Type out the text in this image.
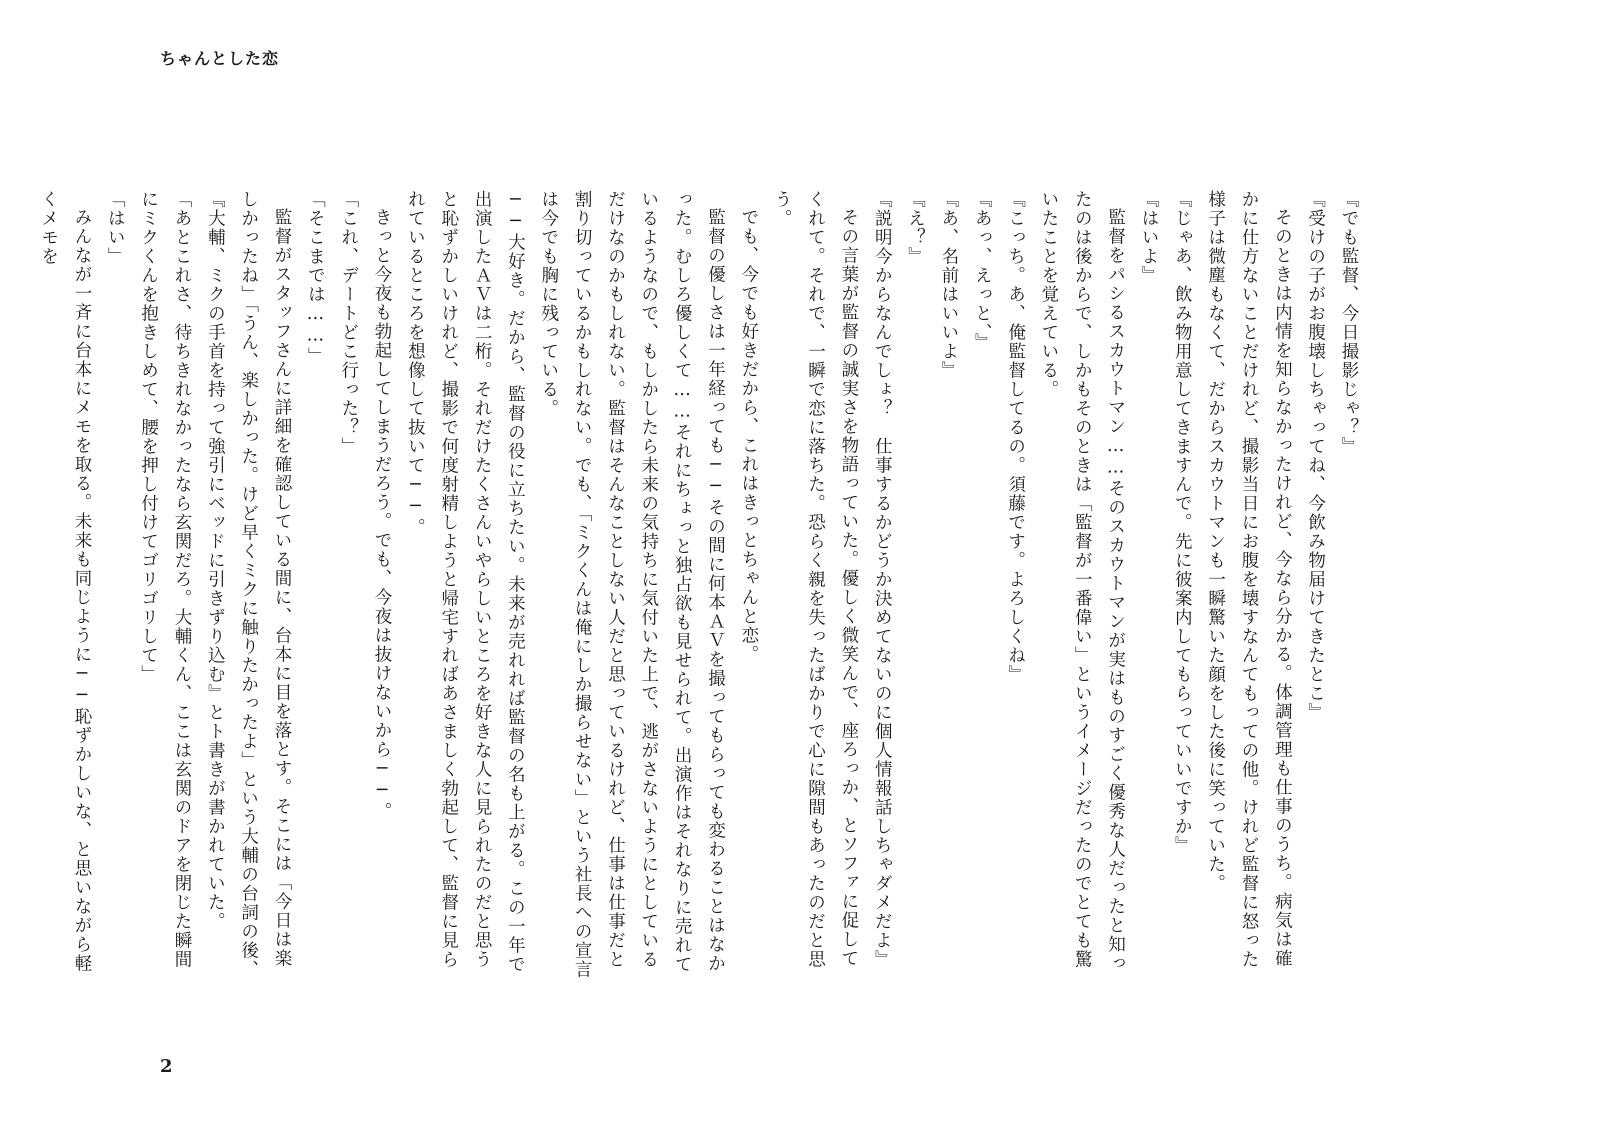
ちゃんとした恋

『でも監督、今日撮影じゃ？』

『受けの子がお腹壊しちゃってね、今飲み物届けてきたとこ』

そのときは内情を知らなかったけれど、今なら分かる。体調管理も仕事のうち。病気は確かに仕方ないことだけれど、撮影当日にお腹を壊すなんてもっての他。けれど監督に怒った様子は微塵もなくて、だからスカウトマンも一瞬驚いた顔をした後に笑っていた。

『じゃあ、飲み物用意してきますんで。先に彼案内してもらっていいですか』

『はいよ』

監督をパシるスカウトマン……そのスカウトマンが実はものすごく優秀な人だったと知ったのは後からで、しかもそのときは「監督が一番偉い」というイメージだったのでとても驚いたことを覚えている。

『こっち。あ、俺監督してるの。須藤です。よろしくね』

『あっ、えっと、』

『あ、名前はいいよ』

『え？』

『説明今からなんでしょ？　仕事するかどうか決めてないのに個人情報話しちゃダメだよ』

その言葉が監督の誠実さを物語っていた。優しく微笑んで、座ろっか、とソファに促してくれて。それで、一瞬で恋に落ちた。恐らく親を失ったばかりで心に隙間もあったのだと思う。

でも、今でも好きだから、これはきっとちゃんと恋。

監督の優しさは一年経っても──その間に何本ＡＶを撮ってもらっても変わることはなかった。むしろ優しくて……それにちょっと独占欲も見せられて。出演作はそれなりに売れているようなので、もしかしたら未来の気持ちに気付いた上で、逃がさないようにとしているだけなのかもしれない。監督はそんなことしない人だと思っているけれど、仕事は仕事だと割り切っているかもしれない。でも、「ミクくんは俺にしか撮らせない」という社長への宣言は今でも胸に残っている。

──大好き。だから、監督の役に立ちたい。未来が売れれば監督の名も上がる。この一年で出演したＡＶは二桁。それだけたくさんいやらしいところを好きな人に見られたのだと思うと恥ずかしいけれど、撮影で何度射精しようと帰宅すればあさましく勃起して、監督に見られているところを想像して抜いて──。

きっと今夜も勃起してしまうだろう。でも、今夜は抜けないから──。

「これ、デートどこ行った？」

「そこまでは……」

監督がスタッフさんに詳細を確認している間に、台本に目を落とす。そこには「今日は楽しかったね」「うん、楽しかった。けど早くミクに触りたかったよ」という大輔の台詞の後、『大輔、ミクの手首を持って強引にベッドに引きずり込む』とト書きが書かれていた。

「あとこれさ、待ちきれなかったなら玄関だろ。大輔くん、ここは玄関のドアを閉じた瞬間にミクくんを抱きしめて、腰を押し付けてゴリゴリして」

「はい」

みんなが一斉に台本にメモを取る。未来も同じように──恥ずかしいな、と思いながら軽くメモを

2
